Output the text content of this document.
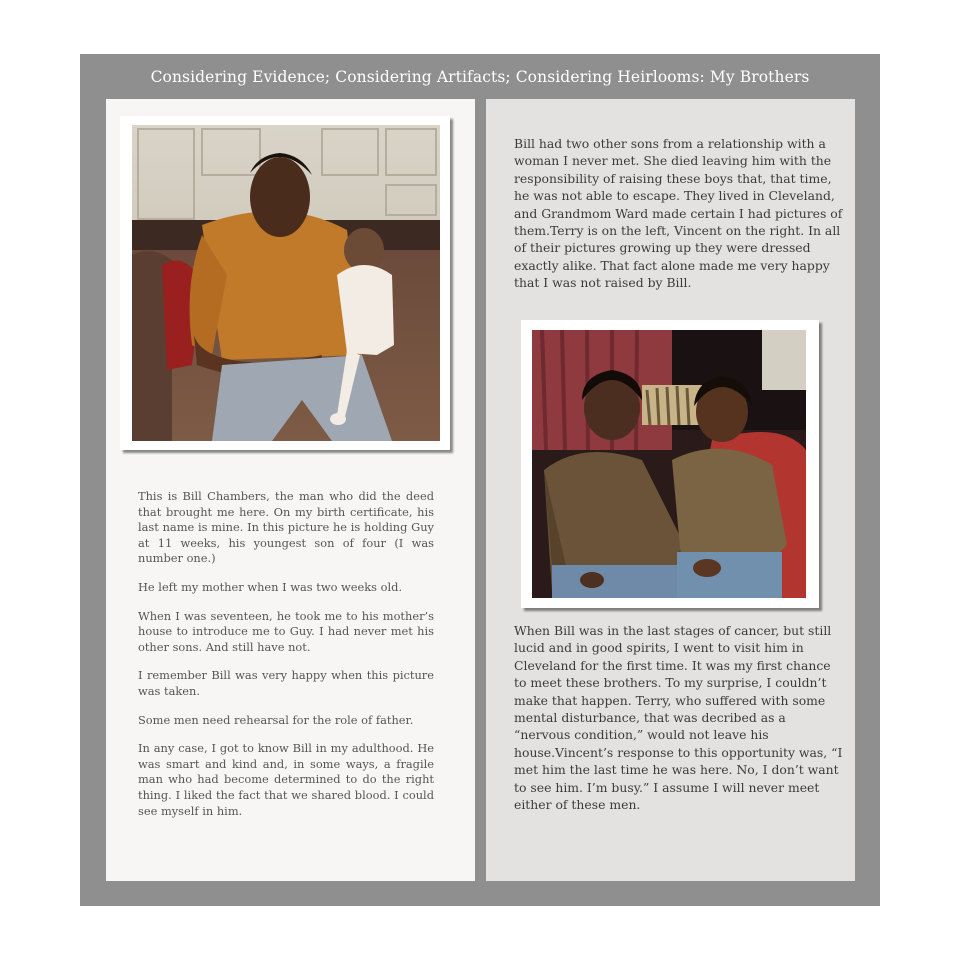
Considering Evidence; Considering Artifacts; Considering Heirlooms: My Brothers

This is Bill Chambers, the man who did the deed that brought me here. On my birth certificate, his last name is mine. In this picture he is holding Guy at 11 weeks, his youngest son of four (I was number one.)

He left my mother when I was two weeks old.

When I was seventeen, he took me to his mother’s house to introduce me to Guy. I had never met his other sons. And still have not.

I remember Bill was very happy when this picture was taken.

Some men need rehearsal for the role of father.

In any case, I got to know Bill in my adulthood. He was smart and kind and, in some ways, a fragile man who had become determined to do the right thing. I liked the fact that we shared blood. I could see myself in him.

Bill had two other sons from a relationship with a woman I never met. She died leaving him with the responsibility of raising these boys that, that time, he was not able to escape. They lived in Cleveland, and Grandmom Ward made certain I had pictures of them.Terry is on the left, Vincent on the right. In all of their pictures growing up they were dressed exactly alike. That fact alone made me very happy that I was not raised by Bill.

When Bill was in the last stages of cancer, but still lucid and in good spirits, I went to visit him in Cleveland for the first time. It was my first chance to meet these brothers. To my surprise, I couldn’t make that happen. Terry, who suffered with some mental disturbance, that was decribed as a “nervous condition,” would not leave his house.Vincent’s response to this opportunity was, “I met him the last time he was here. No, I don’t want to see him. I’m busy.” I assume I will never meet either of these men.
